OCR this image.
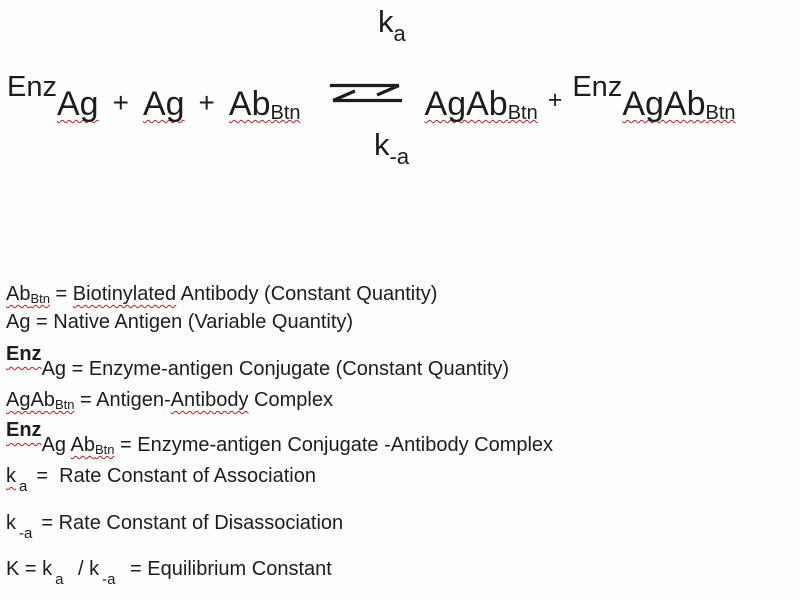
$k_a$
EnzAg + $Ag + Ab_{Btn}$ ⇌ AgAb$_{Btn}$ + EnzAgAb$_{Btn}$
$k_{-a}$
AbBtn = Biotinylated Antibody (Constant Quantity)
Ag = Native Antigen (Variable Quantity)
EnzAg = Enzyme-antigen Conjugate (Constant Quantity)
AgAbBtn = Antigen-Antibody Complex
EnzAg AbBtn = Enzyme-antigen Conjugate -Antibody Complex
k a =  Rate Constant of Association
k -a = Rate Constant of Disassociation
K = k a / k -a = Equilibrium Constant
